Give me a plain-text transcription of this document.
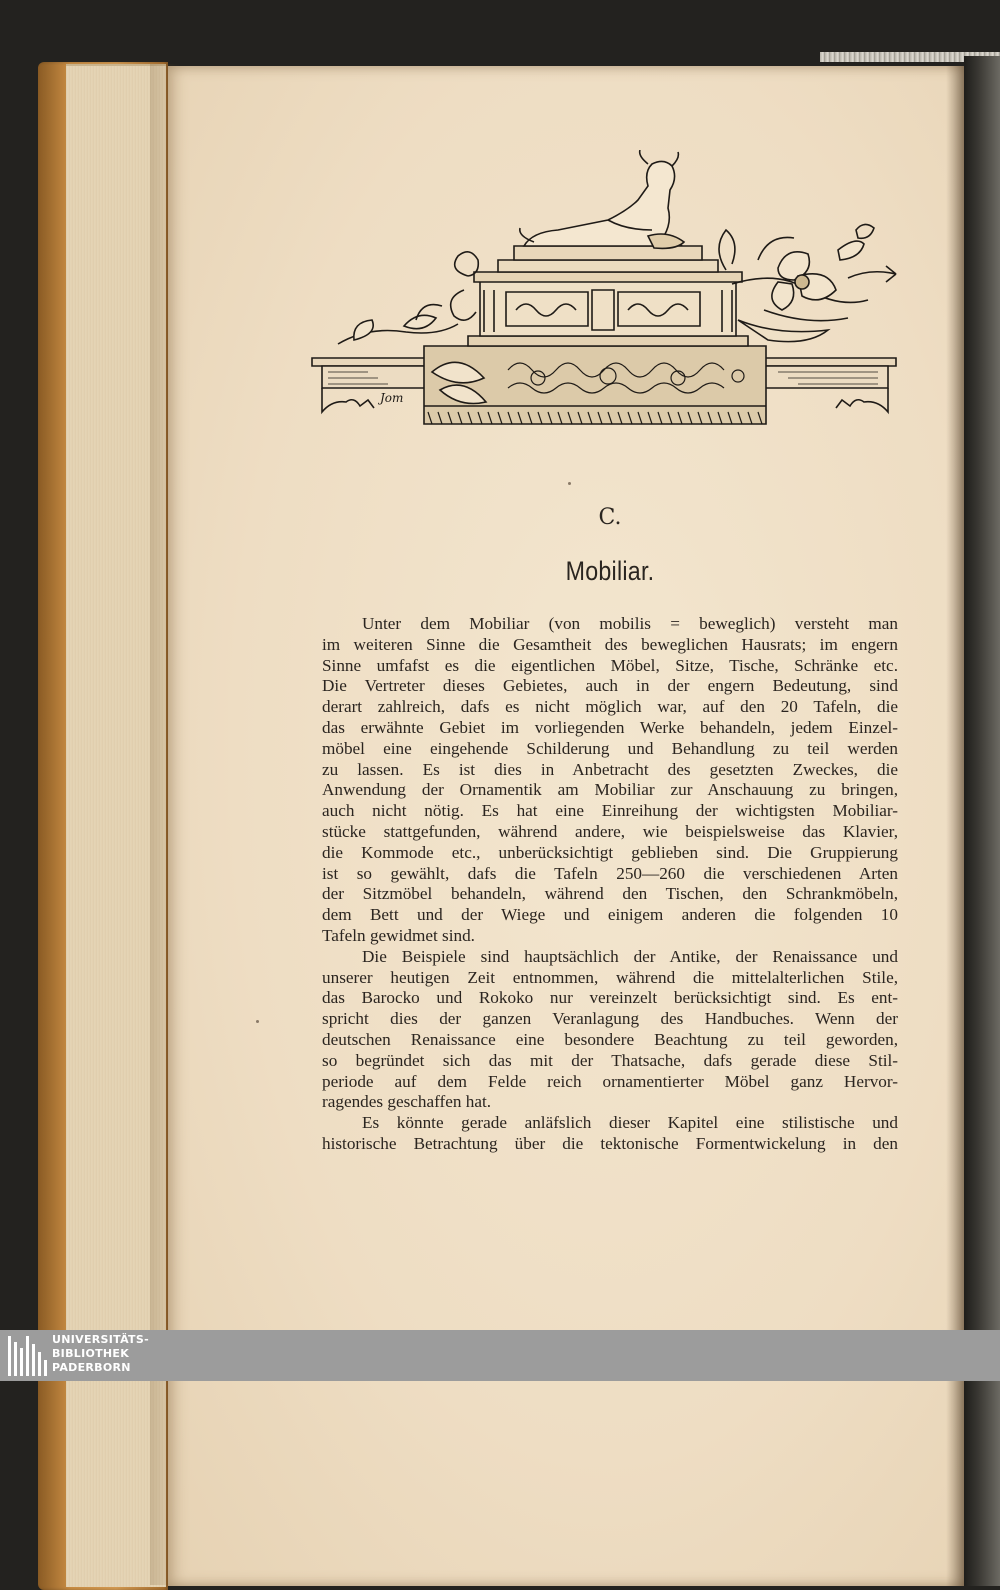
Jom
C.
Mobiliar.
Unter dem Mobiliar (von mobilis = beweglich) versteht man
im weiteren Sinne die Gesamtheit des beweglichen Hausrats; im engern
Sinne umfafst es die eigentlichen Möbel, Sitze, Tische, Schränke etc.
Die Vertreter dieses Gebietes, auch in der engern Bedeutung, sind
derart zahlreich, dafs es nicht möglich war, auf den 20 Tafeln, die
das erwähnte Gebiet im vorliegenden Werke behandeln, jedem Einzel-
möbel eine eingehende Schilderung und Behandlung zu teil werden
zu lassen. Es ist dies in Anbetracht des gesetzten Zweckes, die
Anwendung der Ornamentik am Mobiliar zur Anschauung zu bringen,
auch nicht nötig. Es hat eine Einreihung der wichtigsten Mobiliar-
stücke stattgefunden, während andere, wie beispielsweise das Klavier,
die Kommode etc., unberücksichtigt geblieben sind. Die Gruppierung
ist so gewählt, dafs die Tafeln 250—260 die verschiedenen Arten
der Sitzmöbel behandeln, während den Tischen, den Schrankmöbeln,
dem Bett und der Wiege und einigem anderen die folgenden 10
Tafeln gewidmet sind.
Die Beispiele sind hauptsächlich der Antike, der Renaissance und
unserer heutigen Zeit entnommen, während die mittelalterlichen Stile,
das Barocko und Rokoko nur vereinzelt berücksichtigt sind. Es ent-
spricht dies der ganzen Veranlagung des Handbuches. Wenn der
deutschen Renaissance eine besondere Beachtung zu teil geworden,
so begründet sich das mit der Thatsache, dafs gerade diese Stil-
periode auf dem Felde reich ornamentierter Möbel ganz Hervor-
ragendes geschaffen hat.
Es könnte gerade anläfslich dieser Kapitel eine stilistische und
historische Betrachtung über die tektonische Formentwickelung in den
UNIVERSITÄTS-
BIBLIOTHEK
PADERBORN
